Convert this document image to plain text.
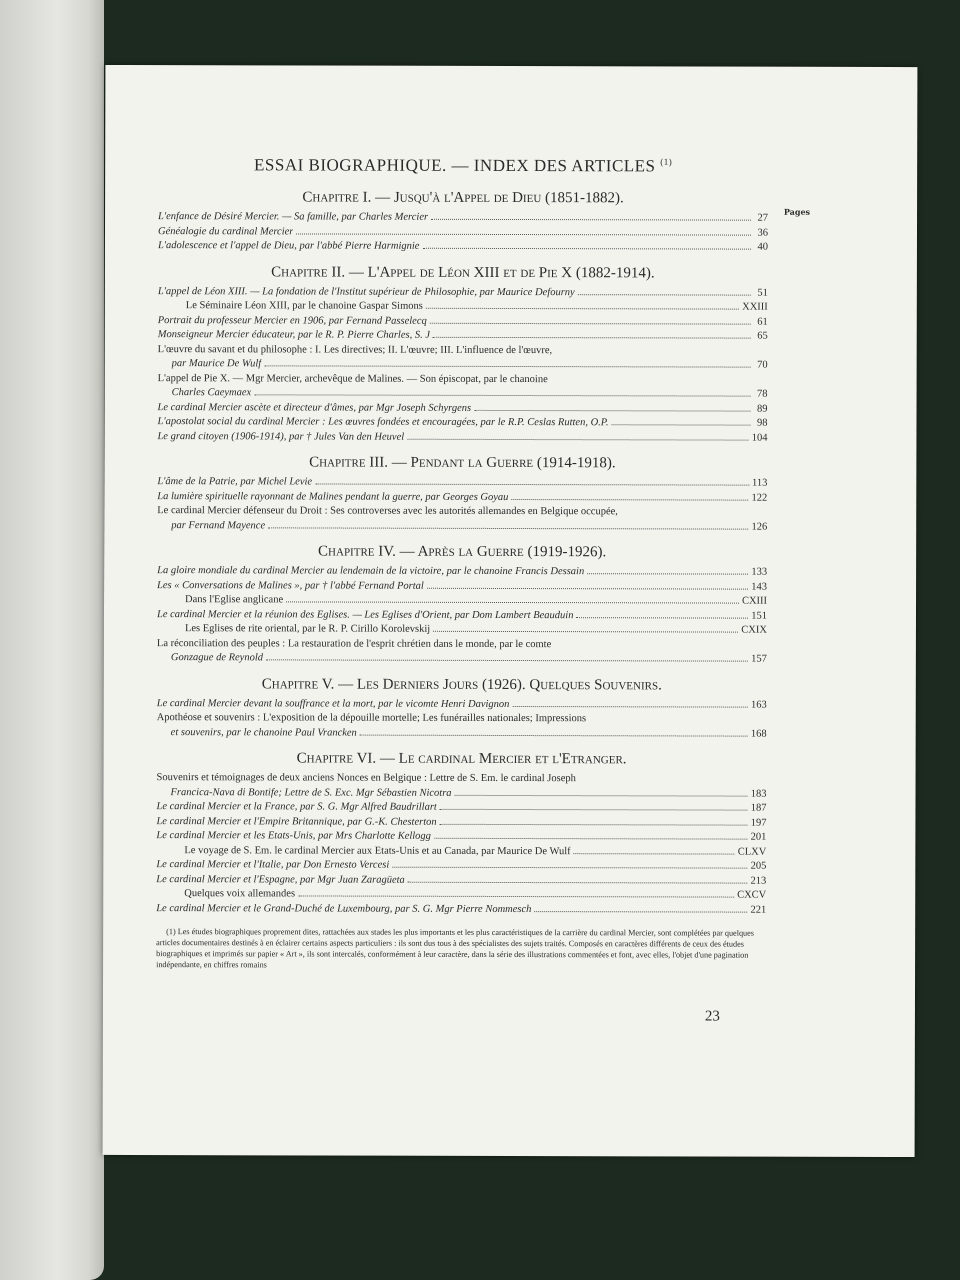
ESSAI BIOGRAPHIQUE. — INDEX DES ARTICLES $^{(1)}$
Pages
Chapitre I. — Jusqu'à l'Appel de Dieu (1851-1882).
L'enfance de Désiré Mercier. — Sa famille, par Charles Mercier	27
Généalogie du cardinal Mercier	36
L'adolescence et l'appel de Dieu, par l'abbé Pierre Harmignie	40
Chapitre II. — L'Appel de Léon XIII et de Pie X (1882-1914).
L'appel de Léon XIII. — La fondation de l'Institut supérieur de Philosophie, par Maurice Defourny	51
Le Séminaire Léon XIII, par le chanoine Gaspar Simons	XXIII
Portrait du professeur Mercier en 1906, par Fernand Passelecq	61
Monseigneur Mercier éducateur, par le R. P. Pierre Charles, S. J	65
L'œuvre du savant et du philosophe : I. Les directives; II. L'œuvre; III. L'influence de l'œuvre,
par Maurice De Wulf	70
L'appel de Pie X. — Mgr Mercier, archevêque de Malines. — Son épiscopat, par le chanoine
Charles Caeymaex	78
Le cardinal Mercier ascète et directeur d'âmes, par Mgr Joseph Schyrgens	89
L'apostolat social du cardinal Mercier : Les œuvres fondées et encouragées, par le R.P. Ceslas Rutten, O.P.	98
Le grand citoyen (1906-1914), par † Jules Van den Heuvel	104
Chapitre III. — Pendant la Guerre (1914-1918).
L'âme de la Patrie, par Michel Levie	113
La lumière spirituelle rayonnant de Malines pendant la guerre, par Georges Goyau	122
Le cardinal Mercier défenseur du Droit : Ses controverses avec les autorités allemandes en Belgique occupée,
par Fernand Mayence	126
Chapitre IV. — Après la Guerre (1919-1926).
La gloire mondiale du cardinal Mercier au lendemain de la victoire, par le chanoine Francis Dessain	133
Les « Conversations de Malines », par † l'abbé Fernand Portal	143
Dans l'Eglise anglicane	CXIII
Le cardinal Mercier et la réunion des Eglises. — Les Eglises d'Orient, par Dom Lambert Beauduin	151
Les Eglises de rite oriental, par le R. P. Cirillo Korolevskij	CXIX
La réconciliation des peuples : La restauration de l'esprit chrétien dans le monde, par le comte
Gonzague de Reynold	157
Chapitre V. — Les Derniers Jours (1926). Quelques Souvenirs.
Le cardinal Mercier devant la souffrance et la mort, par le vicomte Henri Davignon	163
Apothéose et souvenirs : L'exposition de la dépouille mortelle; Les funérailles nationales; Impressions
et souvenirs, par le chanoine Paul Vrancken	168
Chapitre VI. — Le cardinal Mercier et l'Etranger.
Souvenirs et témoignages de deux anciens Nonces en Belgique : Lettre de S. Em. le cardinal Joseph
Francica-Nava di Bontife; Lettre de S. Exc. Mgr Sébastien Nicotra	183
Le cardinal Mercier et la France, par S. G. Mgr Alfred Baudrillart	187
Le cardinal Mercier et l'Empire Britannique, par G.-K. Chesterton	197
Le cardinal Mercier et les Etats-Unis, par Mrs Charlotte Kellogg	201
Le voyage de S. Em. le cardinal Mercier aux Etats-Unis et au Canada, par Maurice De Wulf	CLXV
Le cardinal Mercier et l'Italie, par Don Ernesto Vercesi	205
Le cardinal Mercier et l'Espagne, par Mgr Juan Zaragüeta	213
Quelques voix allemandes	CXCV
Le cardinal Mercier et le Grand-Duché de Luxembourg, par S. G. Mgr Pierre Nommesch	221
(1) Les études biographiques proprement dites, rattachées aux stades les plus importants et les plus caractéristiques de la carrière du cardinal Mercier, sont complétées par quelques articles documentaires destinés à en éclairer certains aspects particuliers : ils sont dus tous à des spécialistes des sujets traités. Composés en caractères différents de ceux des études biographiques et imprimés sur papier « Art », ils sont intercalés, conformément à leur caractère, dans la série des illustrations commentées et font, avec elles, l'objet d'une pagination indépendante, en chiffres romains
23
